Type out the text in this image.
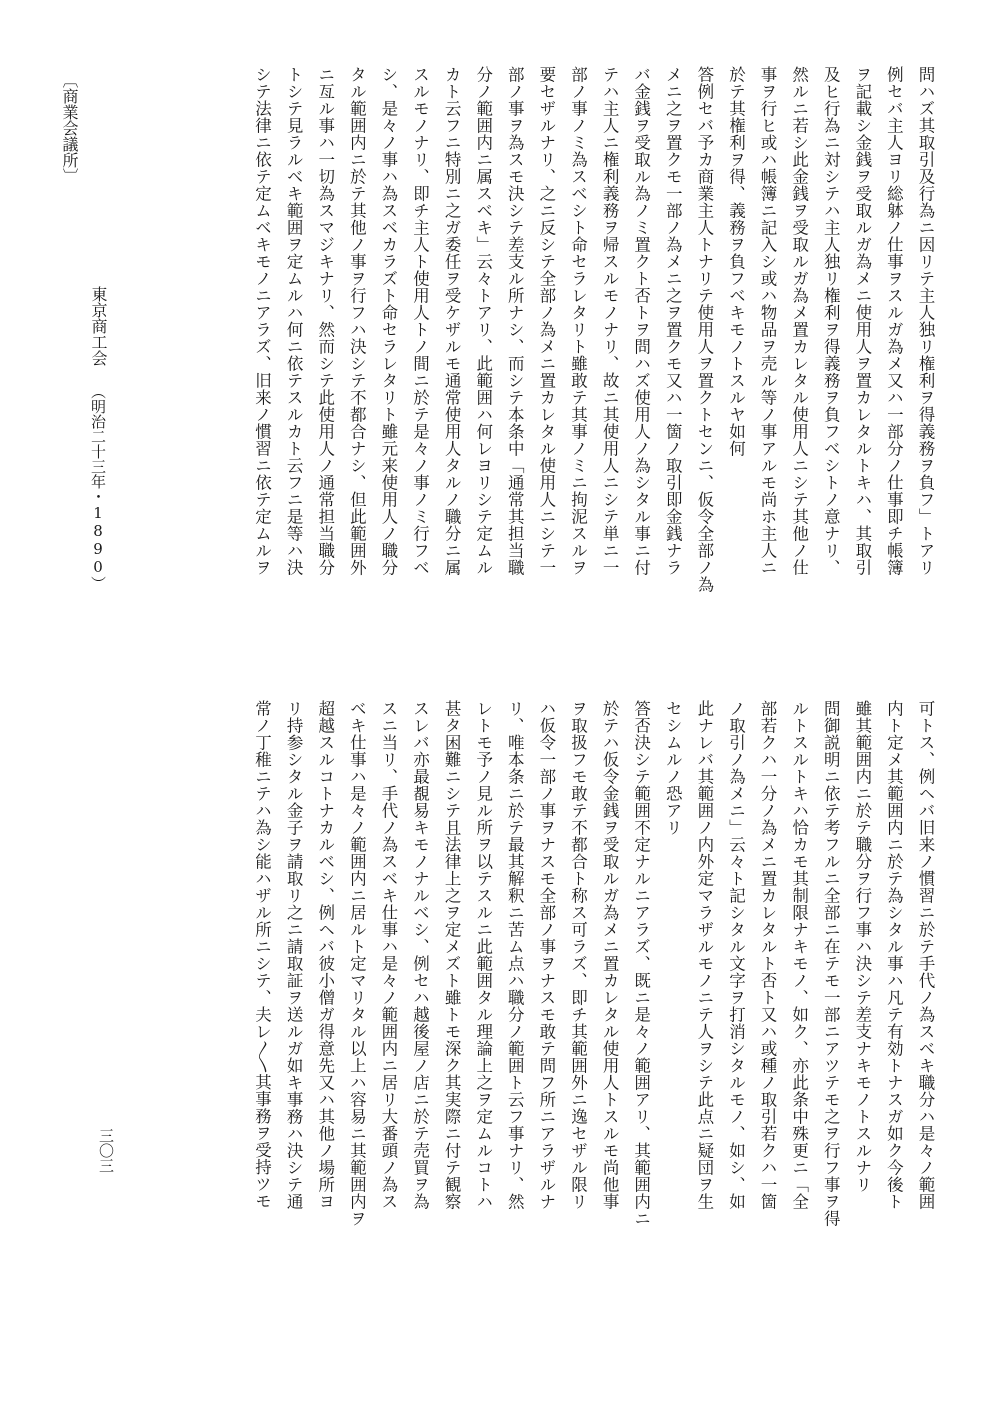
問ハズ其取引及行為ニ因リテ主人独リ権利ヲ得義務ヲ負フ」トアリ
例セバ主人ヨリ総躰ノ仕事ヲスルガ為メ又ハ一部分ノ仕事即チ帳簿
ヲ記載シ金銭ヲ受取ルガ為メニ使用人ヲ置カレタルトキハ、其取引
及ヒ行為ニ対シテハ主人独リ権利ヲ得義務ヲ負フベシトノ意ナリ、
然ルニ若シ此金銭ヲ受取ルガ為メ置カレタル使用人ニシテ其他ノ仕
事ヲ行ヒ或ハ帳簿ニ記入シ或ハ物品ヲ売ル等ノ事アルモ尚ホ主人ニ
於テ其権利ヲ得、義務ヲ負フベキモノトスルヤ如何
答例セバ予カ商業主人トナリテ使用人ヲ置クトセンニ、仮令全部ノ為
メニ之ヲ置クモ一部ノ為メニ之ヲ置クモ又ハ一箇ノ取引即金銭ナラ
バ金銭ヲ受取ル為ノミ置クト否トヲ問ハズ使用人ノ為シタル事ニ付
テハ主人ニ権利義務ヲ帰スルモノナリ、故ニ其使用人ニシテ単ニ一
部ノ事ノミ為スベシト命セラレタリト雖敢テ其事ノミニ拘泥スルヲ
要セザルナリ、之ニ反シテ全部ノ為メニ置カレタル使用人ニシテ一
部ノ事ヲ為スモ決シテ差支ル所ナシ、而シテ本条中「通常其担当職
分ノ範囲内ニ属スベキ」云々トアリ、此範囲ハ何レヨリシテ定ムル
カト云フニ特別ニ之ガ委任ヲ受ケザルモ通常使用人タルノ職分ニ属
スルモノナリ、即チ主人ト使用人トノ間ニ於テ是々ノ事ノミ行フベ
シ、是々ノ事ハ為スベカラズト命セラレタリト雖元来使用人ノ職分
タル範囲内ニ於テ其他ノ事ヲ行フハ決シテ不都合ナシ、但此範囲外
ニ亙ル事ハ一切為スマジキナリ、然而シテ此使用人ノ通常担当職分
トシテ見ラルベキ範囲ヲ定ムルハ何ニ依テスルカト云フニ是等ハ決
シテ法律ニ依テ定ムベキモノニアラズ、旧来ノ慣習ニ依テ定ムルヲ
可トス、例ヘバ旧来ノ慣習ニ於テ手代ノ為スベキ職分ハ是々ノ範囲
内ト定メ其範囲内ニ於テ為シタル事ハ凡テ有効トナスガ如ク今後ト
雖其範囲内ニ於テ職分ヲ行フ事ハ決シテ差支ナキモノトスルナリ
問御説明ニ依テ考フルニ全部ニ在テモ一部ニアツテモ之ヲ行フ事ヲ得
ルトスルトキハ恰カモ其制限ナキモノ、如ク、亦此条中殊更ニ「全
部若クハ一分ノ為メニ置カレタルト否ト又ハ或種ノ取引若クハ一箇
ノ取引ノ為メニ」云々ト記シタル文字ヲ打消シタルモノ、如シ、如
此ナレバ其範囲ノ内外定マラザルモノニテ人ヲシテ此点ニ疑団ヲ生
セシムルノ恐アリ
答否決シテ範囲不定ナルニアラズ、既ニ是々ノ範囲アリ、其範囲内ニ
於テハ仮令金銭ヲ受取ルガ為メニ置カレタル使用人トスルモ尚他事
ヲ取扱フモ敢テ不都合ト称ス可ラズ、即チ其範囲外ニ逸セザル限リ
ハ仮令一部ノ事ヲナスモ全部ノ事ヲナスモ敢テ問フ所ニアラザルナ
リ、唯本条ニ於テ最其解釈ニ苦ム点ハ職分ノ範囲ト云フ事ナリ、然
レトモ予ノ見ル所ヲ以テスルニ此範囲タル理論上之ヲ定ムルコトハ
甚タ困難ニシテ且法律上之ヲ定メズト雖トモ深ク其実際ニ付テ観察
スレバ亦最覩易キモノナルベシ、例セハ越後屋ノ店ニ於テ売買ヲ為
スニ当リ、手代ノ為スベキ仕事ハ是々ノ範囲内ニ居リ大番頭ノ為ス
ベキ仕事ハ是々ノ範囲内ニ居ルト定マリタル以上ハ容易ニ其範囲内ヲ
超越スルコトナカルベシ、例ヘバ彼小僧ガ得意先又ハ其他ノ場所ヨ
リ持参シタル金子ヲ請取リ之ニ請取証ヲ送ルガ如キ事務ハ決シテ通
常ノ丁稚ニテハ為シ能ハザル所ニシテ、夫レ〳〵其事務ヲ受持ツモ
〔商業会議所〕
東京商工会
（明治二十三年・1890）
三〇三
